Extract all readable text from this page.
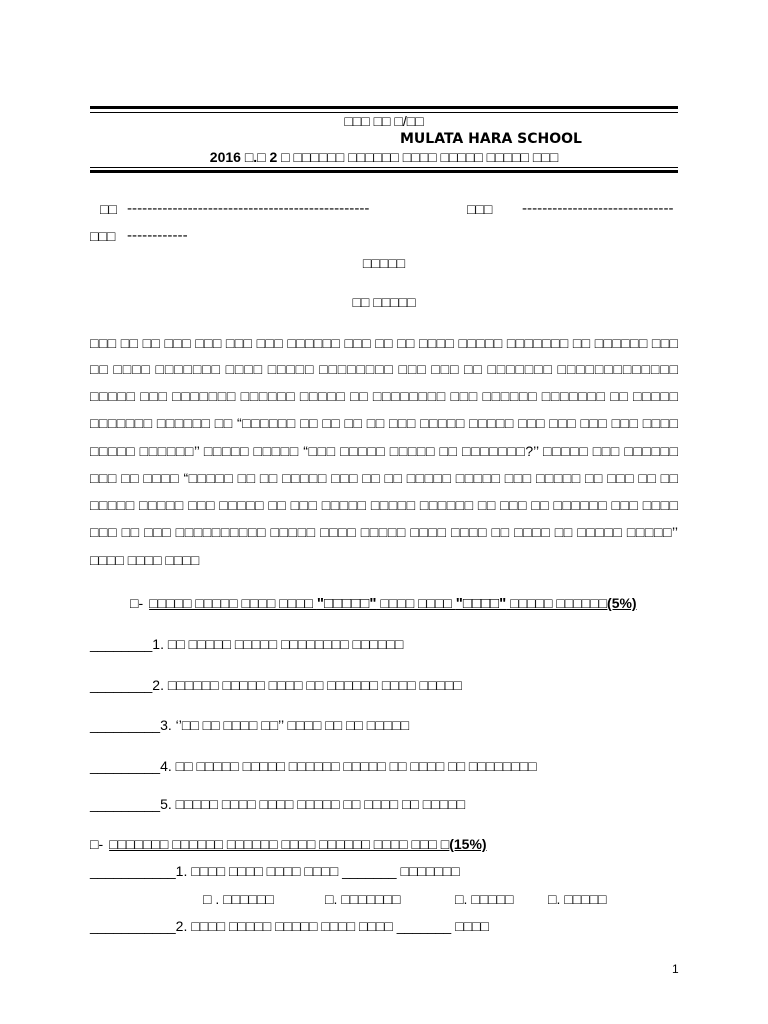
□□□ □□ □/□□
MULATA HARA SCHOOL
2016 □.□ 2 □ □□□□□□ □□□□□□ □□□□ □□□□□ □□□□□ □□□
□□ ------------------------------------------------	□□□ ------------------------------
□□□ ------------
□□□□□
□□ □□□□□
□□□ □□ □□ □□□ □□□ □□□ □□□ □□□□□□ □□□ □□ □□ □□□□ □□□□□ □□□□□□□ □□ □□□□□□ □□□
□□ □□□□ □□□□□□□ □□□□ □□□□□ □□□□□□□□ □□□ □□□ □□ □□□□□□□ □□□□□□□□□□□□□
□□□□□ □□□ □□□□□□□ □□□□□□ □□□□□ □□ □□□□□□□□ □□□ □□□□□□ □□□□□□□ □□ □□□□□
□□□□□□□ □□□□□□ □□ “□□□□□□ □□ □□ □□ □□ □□□ □□□□□ □□□□□ □□□ □□□ □□□ □□□ □□□□
□□□□□ □□□□□□’’ □□□□□ □□□□□ “□□□ □□□□□ □□□□□ □□ □□□□□□□?’’ □□□□□ □□□ □□□□□□
□□□ □□ □□□□ “□□□□□ □□ □□ □□□□□ □□□ □□ □□ □□□□□ □□□□□ □□□ □□□□□ □□ □□□ □□ □□
□□□□□ □□□□□ □□□ □□□□□ □□ □□□ □□□□□ □□□□□ □□□□□□ □□ □□□ □□ □□□□□□ □□□ □□□□
□□□ □□ □□□ □□□□□□□□□□ □□□□□ □□□□ □□□□□ □□□□ □□□□ □□ □□□□ □□ □□□□□ □□□□□’’
□□□□ □□□□ □□□□
□- □□□□□ □□□□□ □□□□ □□□□ "□□□□□" □□□□ □□□□ "□□□□" □□□□□ □□□□□□(5%)
________1. □□ □□□□□ □□□□□ □□□□□□□□ □□□□□□
________2. □□□□□□ □□□□□ □□□□ □□ □□□□□□ □□□□ □□□□□
_________3. ‘’□□ □□ □□□□ □□’’ □□□□ □□ □□ □□□□□
_________4. □□ □□□□□ □□□□□ □□□□□□ □□□□□ □□ □□□□ □□ □□□□□□□□
_________5. □□□□□ □□□□ □□□□ □□□□□ □□ □□□□ □□ □□□□□
□- □□□□□□□ □□□□□□ □□□□□□ □□□□ □□□□□□ □□□□ □□□ □(15%)
___________1. □□□□ □□□□ □□□□ □□□□ _______ □□□□□□□
□ . □□□□□□	□. □□□□□□□	□. □□□□□ □. □□□□□
___________2. □□□□ □□□□□ □□□□□ □□□□ □□□□ _______ □□□□
1
